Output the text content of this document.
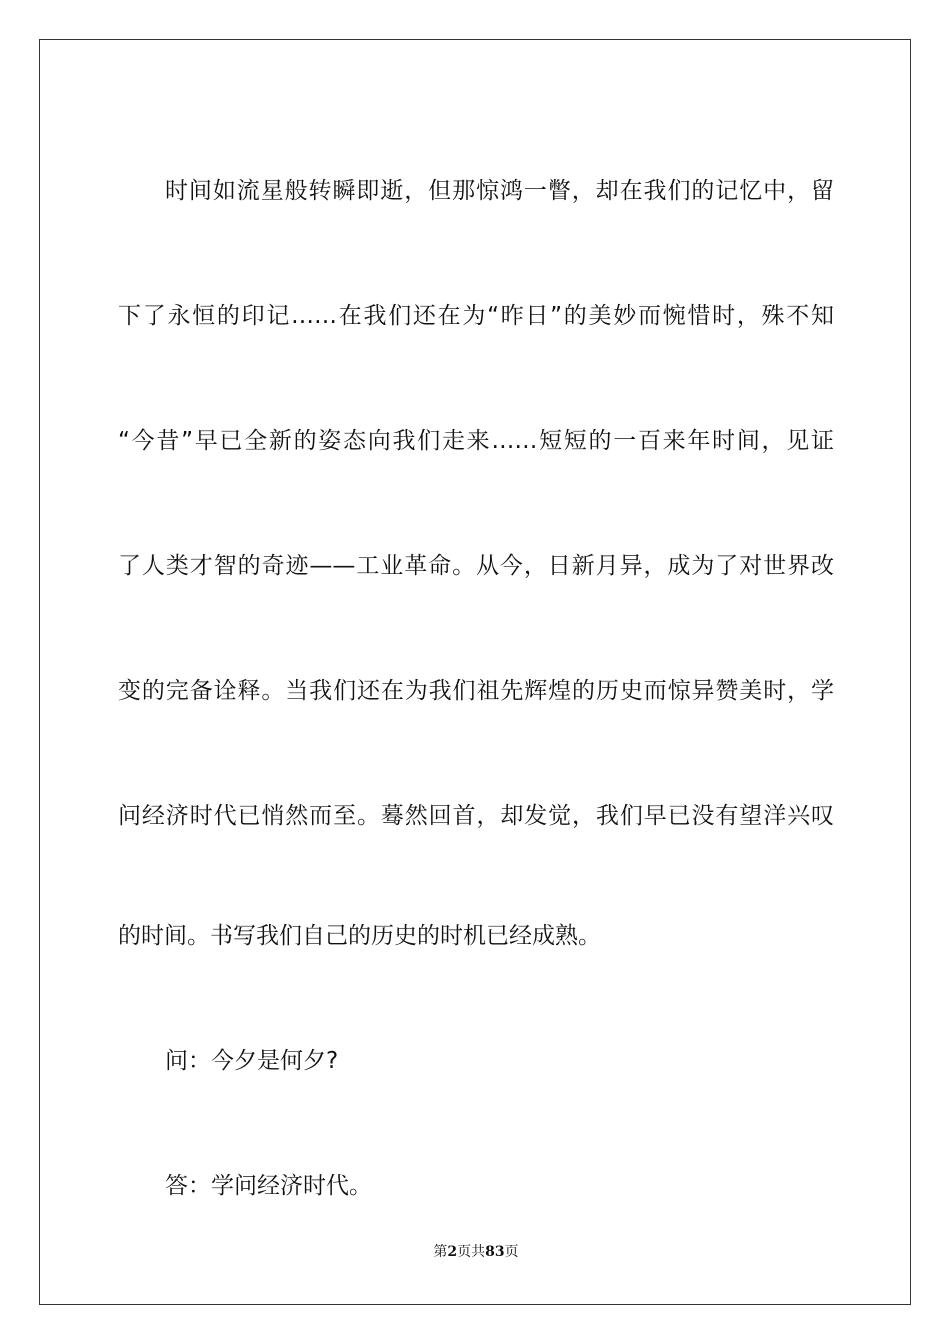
时间如流星般转瞬即逝，但那惊鸿一瞥，却在我们的记忆中，留

下了永恒的印记……在我们还在为“昨日”的美妙而惋惜时，殊不知

“今昔”早已全新的姿态向我们走来……短短的一百来年时间，见证

了人类才智的奇迹——工业革命。从今，日新月异，成为了对世界改

变的完备诠释。当我们还在为我们祖先辉煌的历史而惊异赞美时，学

问经济时代已悄然而至。蓦然回首，却发觉，我们早已没有望洋兴叹

的时间。书写我们自己的历史的时机已经成熟。

问：今夕是何夕?

答：学问经济时代。

第2页共83页
